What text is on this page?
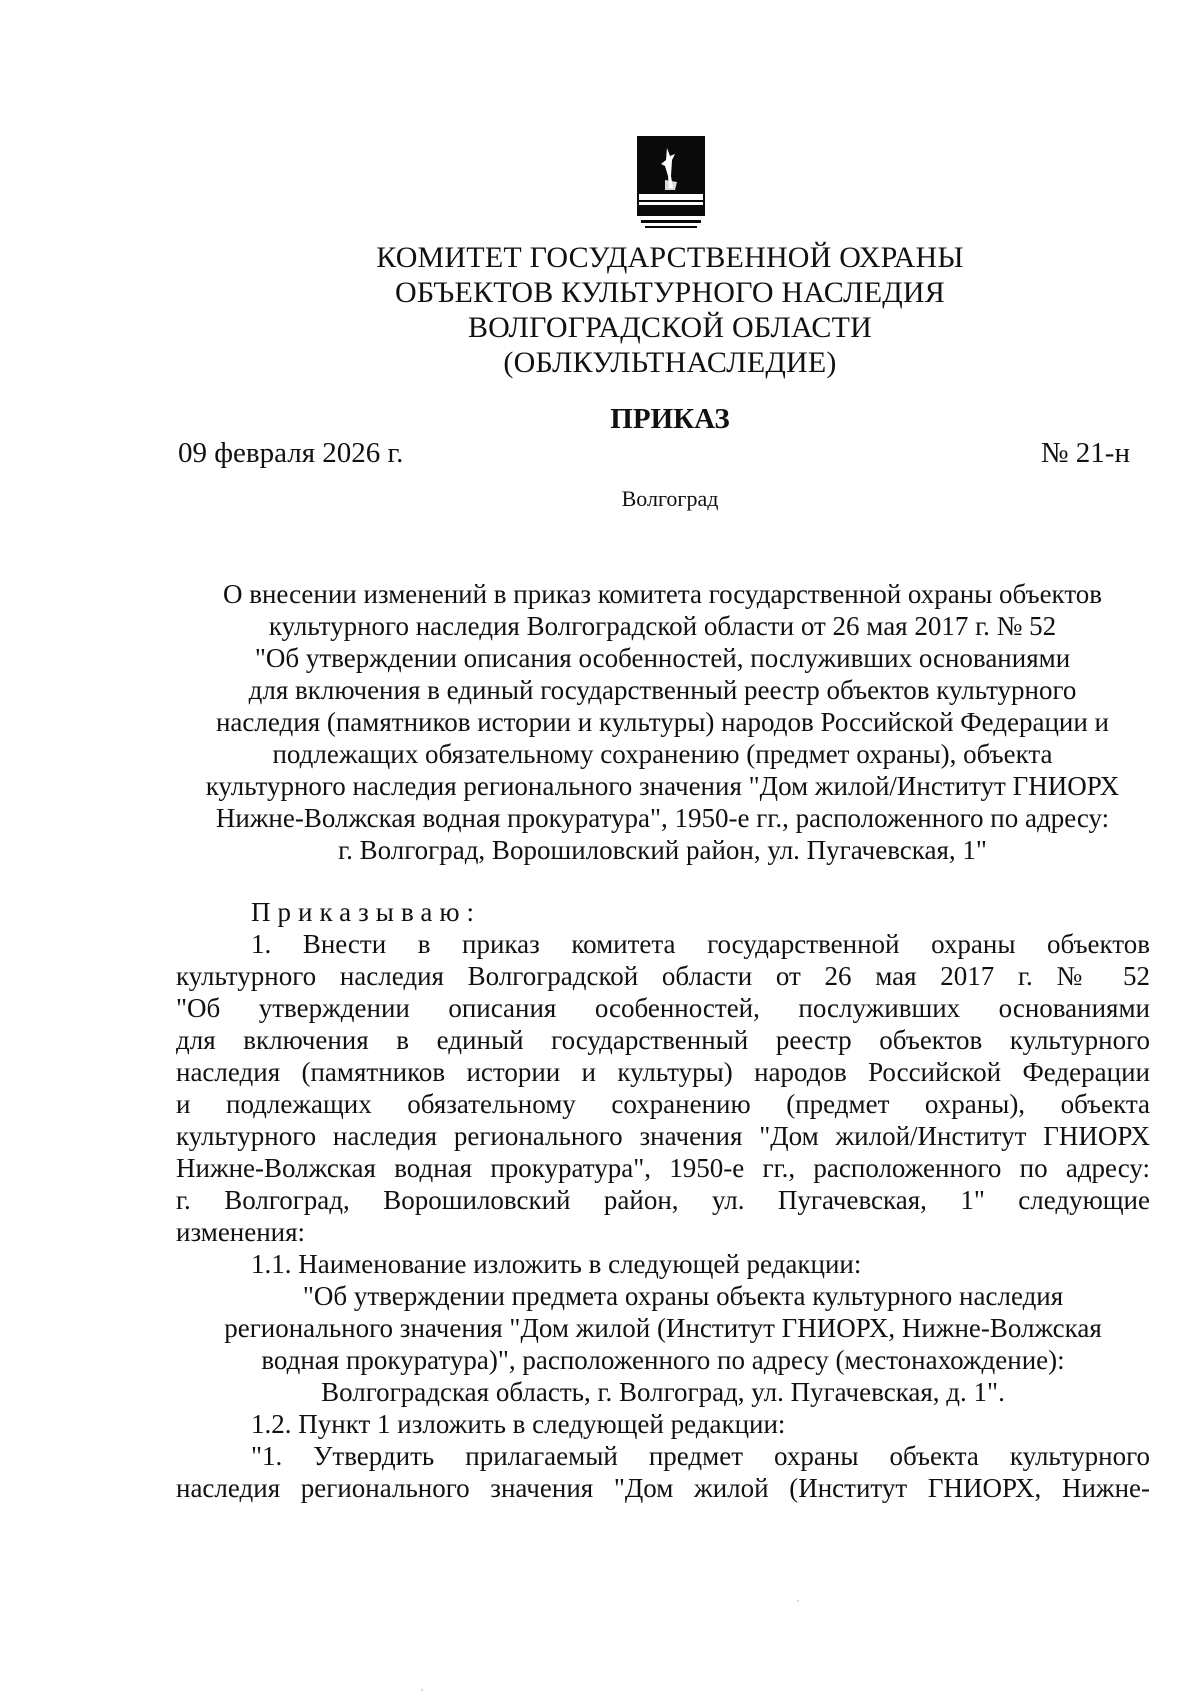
КОМИТЕТ ГОСУДАРСТВЕННОЙ ОХРАНЫ
ОБЪЕКТОВ КУЛЬТУРНОГО НАСЛЕДИЯ
ВОЛГОГРАДСКОЙ ОБЛАСТИ
(ОБЛКУЛЬТНАСЛЕДИЕ)
ПРИКАЗ
09 февраля 2026 г.	№ 21-н
Волгоград
О внесении изменений в приказ комитета государственной охраны объектов
культурного наследия Волгоградской области от 26 мая 2017 г. № 52
"Об утверждении описания особенностей, послуживших основаниями
для включения в единый государственный реестр объектов культурного
наследия (памятников истории и культуры) народов Российской Федерации и
подлежащих обязательному сохранению (предмет охраны), объекта
культурного наследия регионального значения "Дом жилой/Институт ГНИОРХ
Нижне-Волжская водная прокуратура", 1950-е гг., расположенного по адресу:
г. Волгоград, Ворошиловский район, ул. Пугачевская, 1"

Приказываю:

1. Внести в приказ комитета государственной охраны объектов

культурного наследия Волгоградской области от 26 мая 2017 г. № 52

"Об утверждении описания особенностей, послуживших основаниями

для включения в единый государственный реестр объектов культурного

наследия (памятников истории и культуры) народов Российской Федерации

и подлежащих обязательному сохранению (предмет охраны), объекта

культурного наследия регионального значения "Дом жилой/Институт ГНИОРХ

Нижне-Волжская водная прокуратура", 1950-е гг., расположенного по адресу:

г. Волгоград, Ворошиловский район, ул. Пугачевская, 1" следующие

изменения:

1.1. Наименование изложить в следующей редакции:

"Об утверждении предмета охраны объекта культурного наследия

регионального значения "Дом жилой (Институт ГНИОРХ, Нижне-Волжская

водная прокуратура)", расположенного по адресу (местонахождение):

Волгоградская область, г. Волгоград, ул. Пугачевская, д. 1".

1.2. Пункт 1 изложить в следующей редакции:

"1. Утвердить прилагаемый предмет охраны объекта культурного

наследия регионального значения "Дом жилой (Институт ГНИОРХ, Нижне-
